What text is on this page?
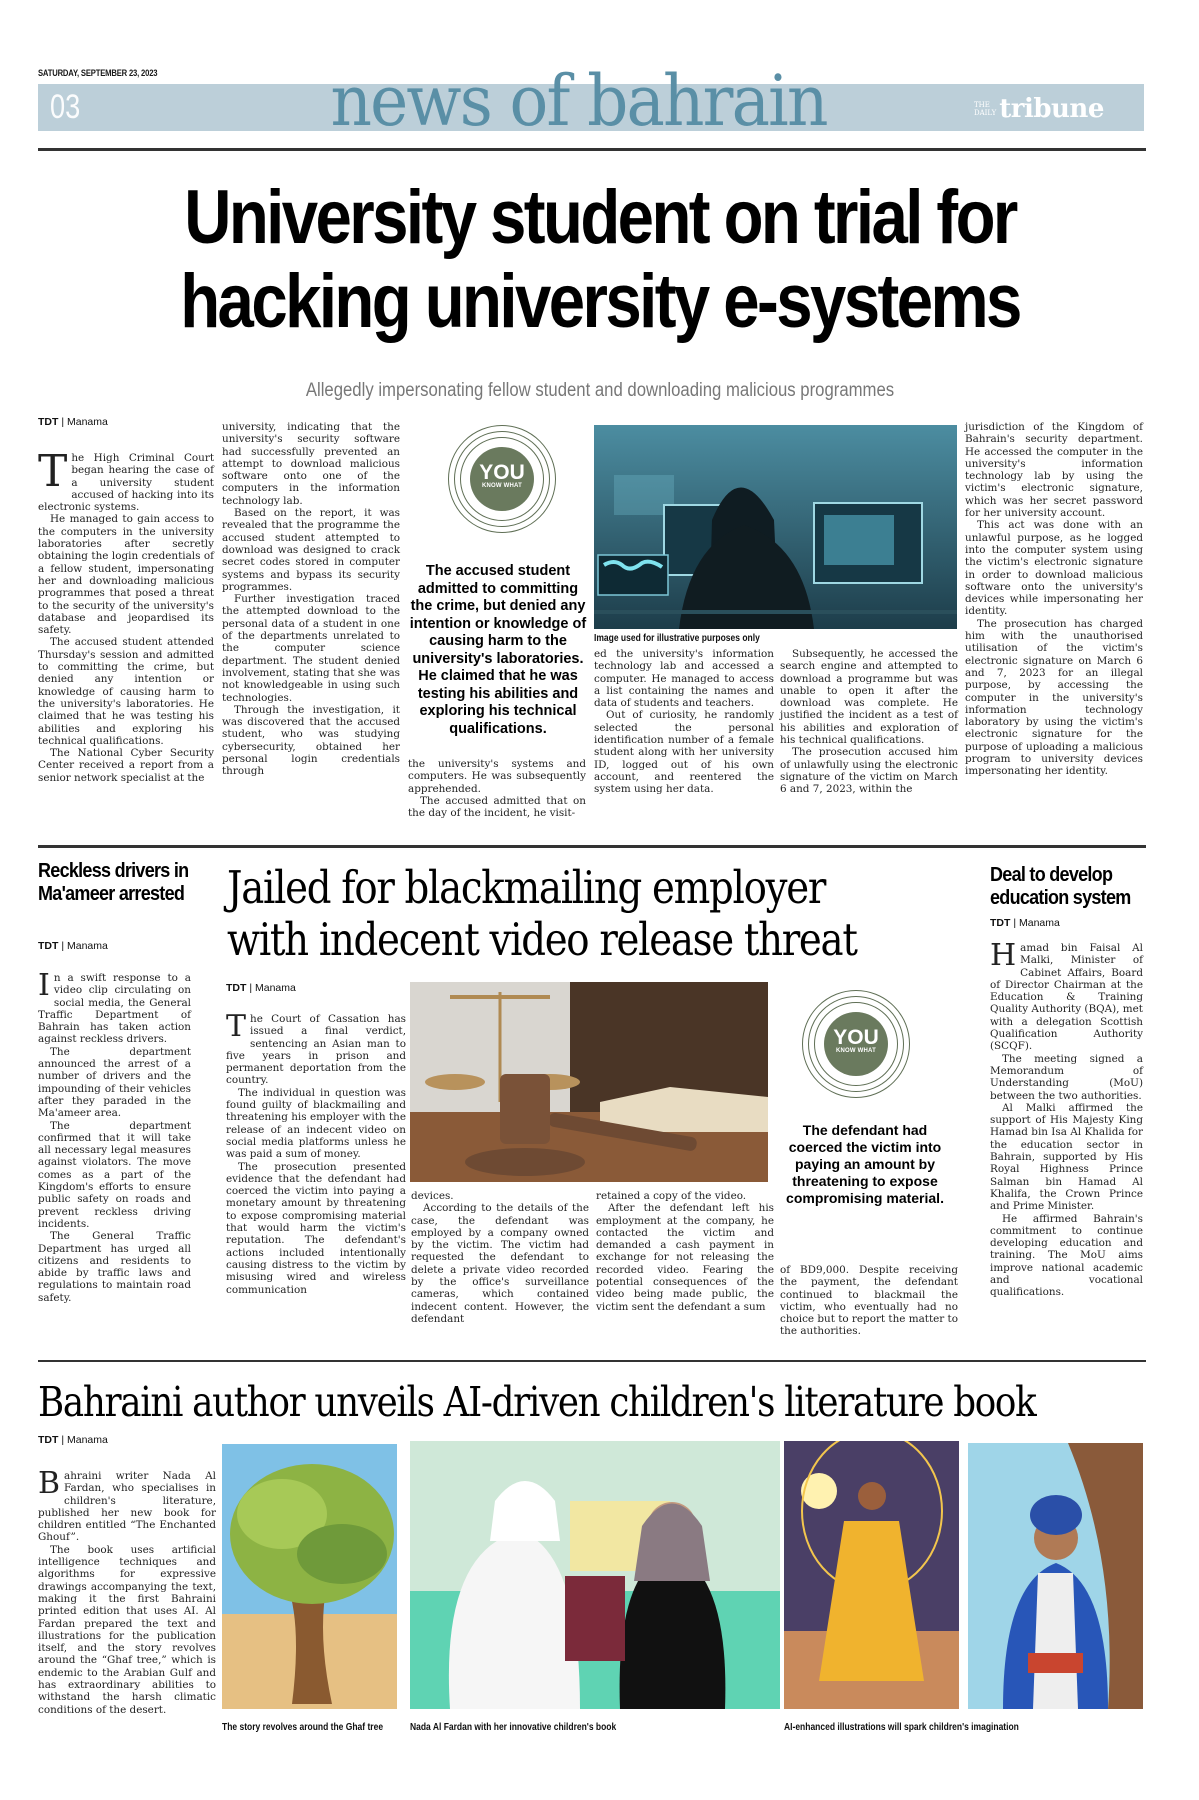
SATURDAY, SEPTEMBER 23, 2023
03	news of bahrain	THE
DAILY tribune
University student on trial for
hacking university e-systems
Allegedly impersonating fellow student and downloading malicious programmes
TDT | Manama

The High Criminal Court began hearing the case of a university student accused of hacking into its electronic systems.

He managed to gain access to the computers in the university laboratories after secretly obtaining the login credentials of a fellow student, impersonating her and downloading malicious programmes that posed a threat to the security of the university's database and jeopardised its safety.

The accused student attended Thursday's session and admitted to committing the crime, but denied any intention or knowledge of causing harm to the university's laboratories. He claimed that he was testing his abilities and exploring his technical qualifications.

The National Cyber Security Center received a report from a senior network specialist at the

university, indicating that the university's security software had successfully prevented an attempt to download malicious software onto one of the computers in the information technology lab.

Based on the report, it was revealed that the programme the accused student attempted to download was designed to crack secret codes stored in computer systems and bypass its security programmes.

Further investigation traced the attempted download to the personal data of a student in one of the departments unrelated to the computer science department. The student denied involvement, stating that she was not knowledgeable in using such technologies.

Through the investigation, it was discovered that the accused student, who was studying cybersecurity, obtained her personal login credentials through

YOU
KNOW WHAT
The accused student admitted to committing the crime, but denied any intention or knowledge of causing harm to the university's laboratories. He claimed that he was testing his abilities and exploring his technical qualifications.

the university's systems and computers. He was subsequently apprehended.

The accused admitted that on the day of the incident, he visit-

Image used for illustrative purposes only

ed the university's information technology lab and accessed a computer. He managed to access a list containing the names and data of students and teachers.

Out of curiosity, he randomly selected the personal identification number of a female student along with her university ID, logged out of his own account, and reentered the system using her data.

Subsequently, he accessed the search engine and attempted to download a programme but was unable to open it after the download was complete. He justified the incident as a test of his abilities and exploration of his technical qualifications.

The prosecution accused him of unlawfully using the electronic signature of the victim on March 6 and 7, 2023, within the

jurisdiction of the Kingdom of Bahrain's security department. He accessed the computer in the university's information technology lab by using the victim's electronic signature, which was her secret password for her university account.

This act was done with an unlawful purpose, as he logged into the computer system using the victim's electronic signature in order to download malicious software onto the university's devices while impersonating her identity.

The prosecution has charged him with the unauthorised utilisation of the victim's electronic signature on March 6 and 7, 2023 for an illegal purpose, by accessing the computer in the university's information technology laboratory by using the victim's electronic signature for the purpose of uploading a malicious program to university devices impersonating her identity.

Reckless drivers in Ma'ameer arrested
TDT | Manama

In a swift response to a video clip circulating on social media, the General Traffic Department of Bahrain has taken action against reckless drivers.

The department announced the arrest of a number of drivers and the impounding of their vehicles after they paraded in the Ma'ameer area.

The department confirmed that it will take all necessary legal measures against violators. The move comes as a part of the Kingdom's efforts to ensure public safety on roads and prevent reckless driving incidents.

The General Traffic Department has urged all citizens and residents to abide by traffic laws and regulations to maintain road safety.

Jailed for blackmailing employer
with indecent video release threat
TDT | Manama

The Court of Cassation has issued a final verdict, sentencing an Asian man to five years in prison and permanent deportation from the country.

The individual in question was found guilty of blackmailing and threatening his employer with the release of an indecent video on social media platforms unless he was paid a sum of money.

The prosecution presented evidence that the defendant had coerced the victim into paying a monetary amount by threatening to expose compromising material that would harm the victim's reputation. The defendant's actions included intentionally causing distress to the victim by misusing wired and wireless communication

YOU
KNOW WHAT
The defendant had coerced the victim into paying an amount by threatening to expose compromising material.

devices.

According to the details of the case, the defendant was employed by a company owned by the victim. The victim had requested the defendant to delete a private video recorded by the office's surveillance cameras, which contained indecent content. However, the defendant

retained a copy of the video.

After the defendant left his employment at the company, he contacted the victim and demanded a cash payment in exchange for not releasing the recorded video. Fearing the potential consequences of the video being made public, the victim sent the defendant a sum

of BD9,000. Despite receiving the payment, the defendant continued to blackmail the victim, who eventually had no choice but to report the matter to the authorities.

Deal to develop education system
TDT | Manama

Hamad bin Faisal Al Malki, Minister of Cabinet Affairs, Board of Director Chairman at the Education & Training Quality Authority (BQA), met with a delegation Scottish Qualification Authority (SCQF).

The meeting signed a Memorandum of Understanding (MoU) between the two authorities.

Al Malki affirmed the support of His Majesty King Hamad bin Isa Al Khalida for the education sector in Bahrain, supported by His Royal Highness Prince Salman bin Hamad Al Khalifa, the Crown Prince and Prime Minister.

He affirmed Bahrain's commitment to continue developing education and training. The MoU aims improve national academic and vocational qualifications.

Bahraini author unveils AI-driven children's literature book
TDT | Manama

Bahraini writer Nada Al Fardan, who specialises in children's literature, published her new book for children entitled “The Enchanted Ghouf”.

The book uses artificial intelligence techniques and algorithms for expressive drawings accompanying the text, making it the first Bahraini printed edition that uses AI. Al Fardan prepared the text and illustrations for the publication itself, and the story revolves around the “Ghaf tree,” which is endemic to the Arabian Gulf and has extraordinary abilities to withstand the harsh climatic conditions of the desert.

The story revolves around the Ghaf tree	Nada Al Fardan with her innovative children's book	AI-enhanced illustrations will spark children's imagination
